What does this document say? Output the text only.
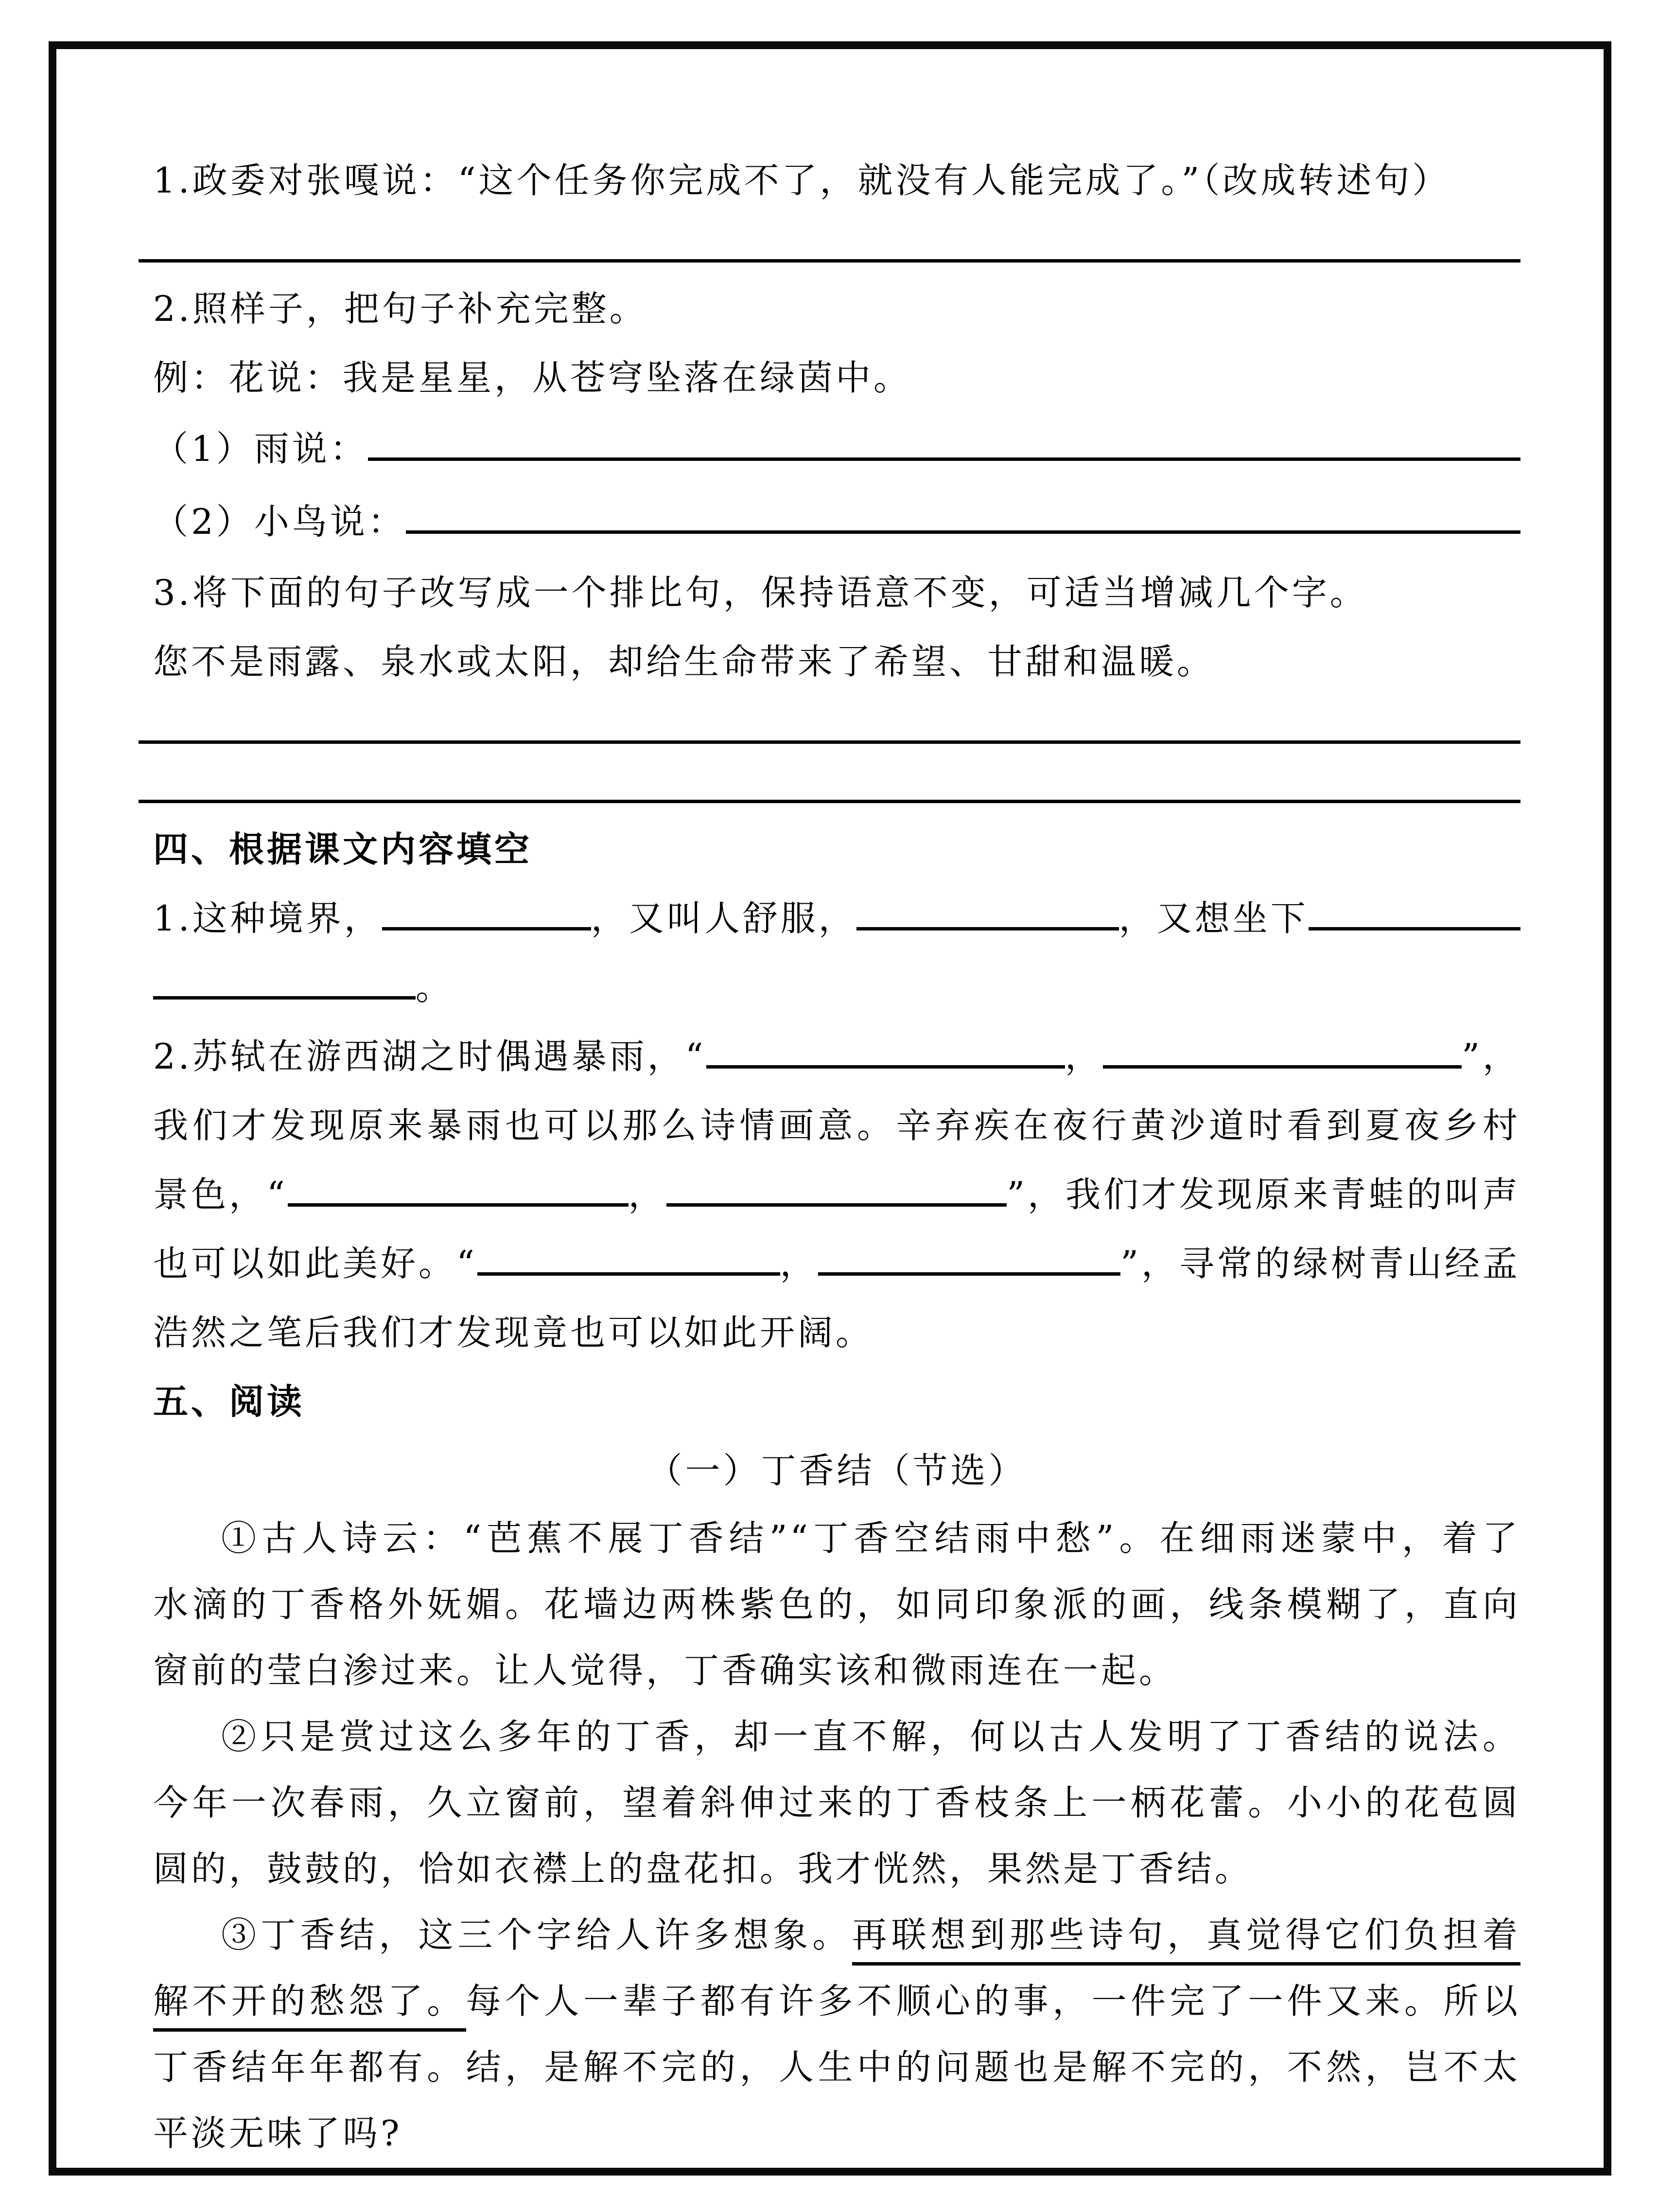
1.政委对张嘎说：“这个任务你完成不了，就没有人能完成了。”（改成转述句）
2.照样子，把句子补充完整。
例：花说：我是星星，从苍穹坠落在绿茵中。
（1）雨说：
（2）小鸟说：
3.将下面的句子改写成一个排比句，保持语意不变，可适当增减几个字。
您不是雨露、泉水或太阳，却给生命带来了希望、甘甜和温暖。
四、根据课文内容填空
1.这种境界，	，又叫人舒服，	，又想坐下
。
2.苏轼在游西湖之时偶遇暴雨，“	，	”，
我们才发现原来暴雨也可以那么诗情画意。辛弃疾在夜行黄沙道时看到夏夜乡村
景色，“	，	”，我们才发现原来青蛙的叫声
也可以如此美好。“	，	”，寻常的绿树青山经孟
浩然之笔后我们才发现竟也可以如此开阔。
五、阅读
（一）丁香结（节选）
①古人诗云：“芭蕉不展丁香结”“丁香空结雨中愁”。在细雨迷蒙中，着了
水滴的丁香格外妩媚。花墙边两株紫色的，如同印象派的画，线条模糊了，直向
窗前的莹白渗过来。让人觉得，丁香确实该和微雨连在一起。
②只是赏过这么多年的丁香，却一直不解，何以古人发明了丁香结的说法。
今年一次春雨，久立窗前，望着斜伸过来的丁香枝条上一柄花蕾。小小的花苞圆
圆的，鼓鼓的，恰如衣襟上的盘花扣。我才恍然，果然是丁香结。
③丁香结，这三个字给人许多想象。再联想到那些诗句，真觉得它们负担着
解不开的愁怨了。每个人一辈子都有许多不顺心的事，一件完了一件又来。所以
丁香结年年都有。结，是解不完的，人生中的问题也是解不完的，不然，岂不太
平淡无味了吗?
